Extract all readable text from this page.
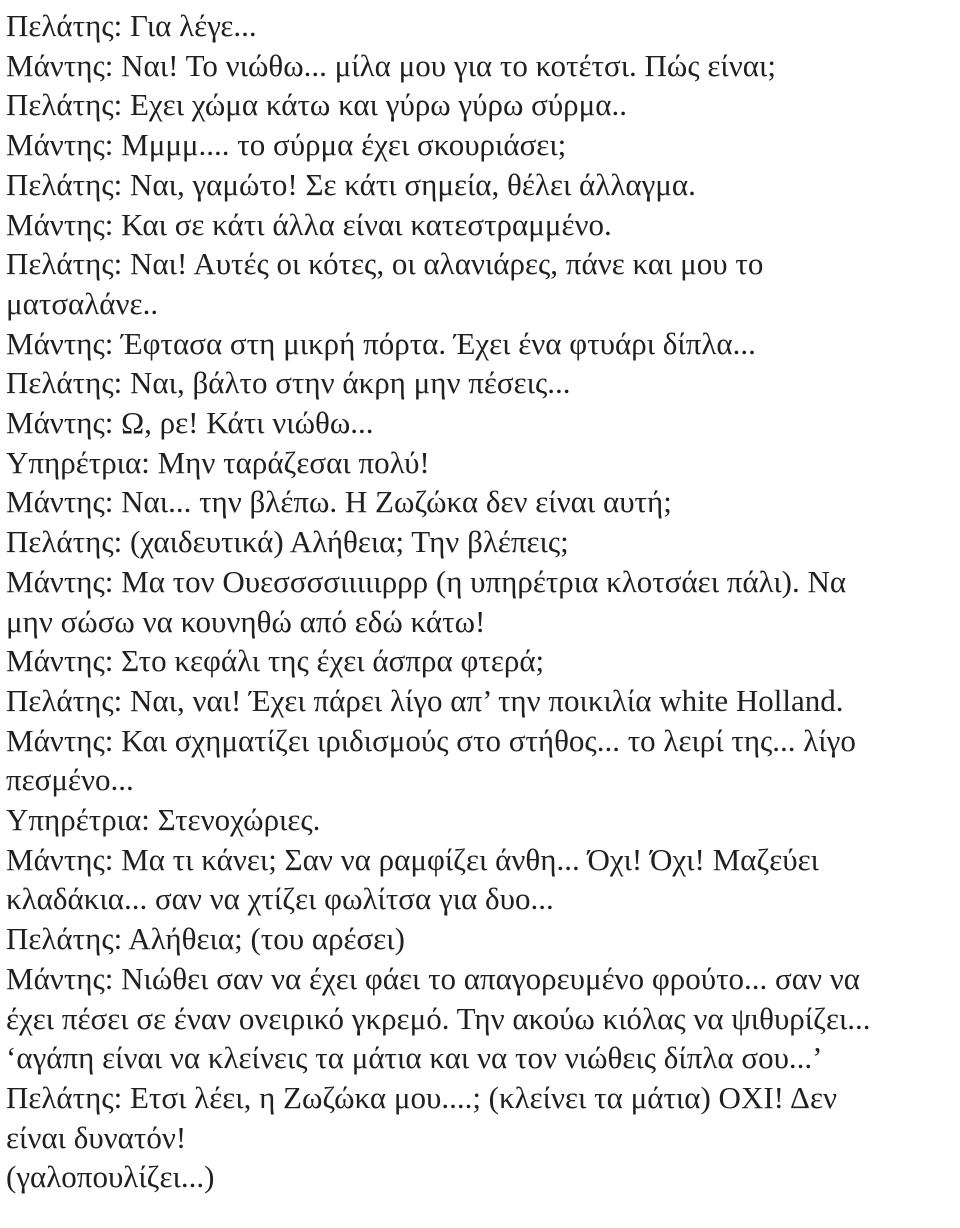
Πελάτης: Για λέγε...
Μάντης: Ναι! Το νιώθω... μίλα μου για το κοτέτσι. Πώς είναι;
Πελάτης: Εχει χώμα κάτω και γύρω γύρω σύρμα..
Μάντης: Μμμμ.... το σύρμα έχει σκουριάσει;
Πελάτης: Ναι, γαμώτο! Σε κάτι σημεία, θέλει άλλαγμα.
Μάντης: Και σε κάτι άλλα είναι κατεστραμμένο.
Πελάτης: Ναι! Αυτές οι κότες, οι αλανιάρες, πάνε και μου το
ματσαλάνε..
Μάντης: Έφτασα στη μικρή πόρτα. Έχει ένα φτυάρι δίπλα...
Πελάτης: Ναι, βάλτο στην άκρη μην πέσεις...
Μάντης: Ω, ρε! Κάτι νιώθω...
Υπηρέτρια: Μην ταράζεσαι πολύ!
Μάντης: Ναι... την βλέπω. Η Ζωζώκα δεν είναι αυτή;
Πελάτης: (χαιδευτικά) Αλήθεια; Την βλέπεις;
Μάντης: Μα τον Ουεσσσσιιιιιρρρ (η υπηρέτρια κλοτσάει πάλι). Να
μην σώσω να κουνηθώ από εδώ κάτω!
Μάντης: Στο κεφάλι της έχει άσπρα φτερά;
Πελάτης: Ναι, ναι! Έχει πάρει λίγο απ’ την ποικιλία white Holland.
Μάντης: Και σχηματίζει ιριδισμούς στο στήθος... το λειρί της... λίγο
πεσμένο...
Υπηρέτρια: Στενοχώριες.
Μάντης: Μα τι κάνει; Σαν να ραμφίζει άνθη... Όχι! Όχι! Μαζεύει
κλαδάκια... σαν να χτίζει φωλίτσα για δυο...
Πελάτης: Αλήθεια; (του αρέσει)
Μάντης: Νιώθει σαν να έχει φάει το απαγορευμένο φρούτο... σαν να
έχει πέσει σε έναν ονειρικό γκρεμό. Την ακούω κιόλας να ψιθυρίζει...
‘αγάπη είναι να κλείνεις τα μάτια και να τον νιώθεις δίπλα σου...’
Πελάτης: Ετσι λέει, η Ζωζώκα μου....; (κλείνει τα μάτια) ΟΧΙ! Δεν
είναι δυνατόν!
(γαλοπουλίζει...)
